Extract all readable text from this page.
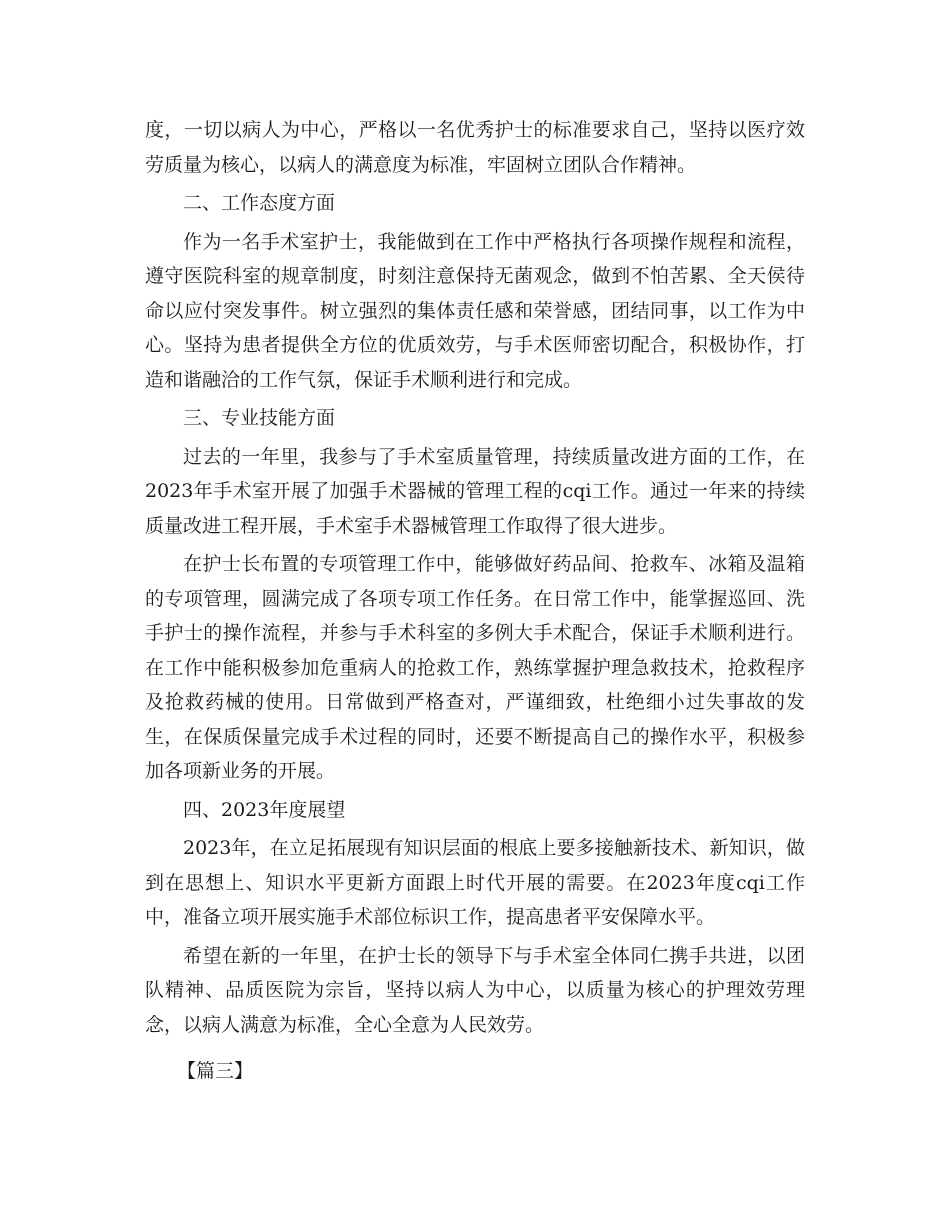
度，一切以病人为中心，严格以一名优秀护士的标准要求自己，坚持以医疗效劳质量为核心，以病人的满意度为标准，牢固树立团队合作精神。

二、工作态度方面

作为一名手术室护士，我能做到在工作中严格执行各项操作规程和流程，遵守医院科室的规章制度，时刻注意保持无菌观念，做到不怕苦累、全天侯待命以应付突发事件。树立强烈的集体责任感和荣誉感，团结同事，以工作为中心。坚持为患者提供全方位的优质效劳，与手术医师密切配合，积极协作，打造和谐融洽的工作气氛，保证手术顺利进行和完成。

三、专业技能方面

过去的一年里，我参与了手术室质量管理，持续质量改进方面的工作，在2023年手术室开展了加强手术器械的管理工程的cqi工作。通过一年来的持续质量改进工程开展，手术室手术器械管理工作取得了很大进步。

在护士长布置的专项管理工作中，能够做好药品间、抢救车、冰箱及温箱的专项管理，圆满完成了各项专项工作任务。在日常工作中，能掌握巡回、洗手护士的操作流程，并参与手术科室的多例大手术配合，保证手术顺利进行。在工作中能积极参加危重病人的抢救工作，熟练掌握护理急救技术，抢救程序及抢救药械的使用。日常做到严格查对，严谨细致，杜绝细小过失事故的发生，在保质保量完成手术过程的同时，还要不断提高自己的操作水平，积极参加各项新业务的开展。

四、2023年度展望

2023年，在立足拓展现有知识层面的根底上要多接触新技术、新知识，做到在思想上、知识水平更新方面跟上时代开展的需要。在2023年度cqi工作中，准备立项开展实施手术部位标识工作，提高患者平安保障水平。

希望在新的一年里，在护士长的领导下与手术室全体同仁携手共进，以团队精神、品质医院为宗旨，坚持以病人为中心，以质量为核心的护理效劳理念，以病人满意为标准，全心全意为人民效劳。

【篇三】
